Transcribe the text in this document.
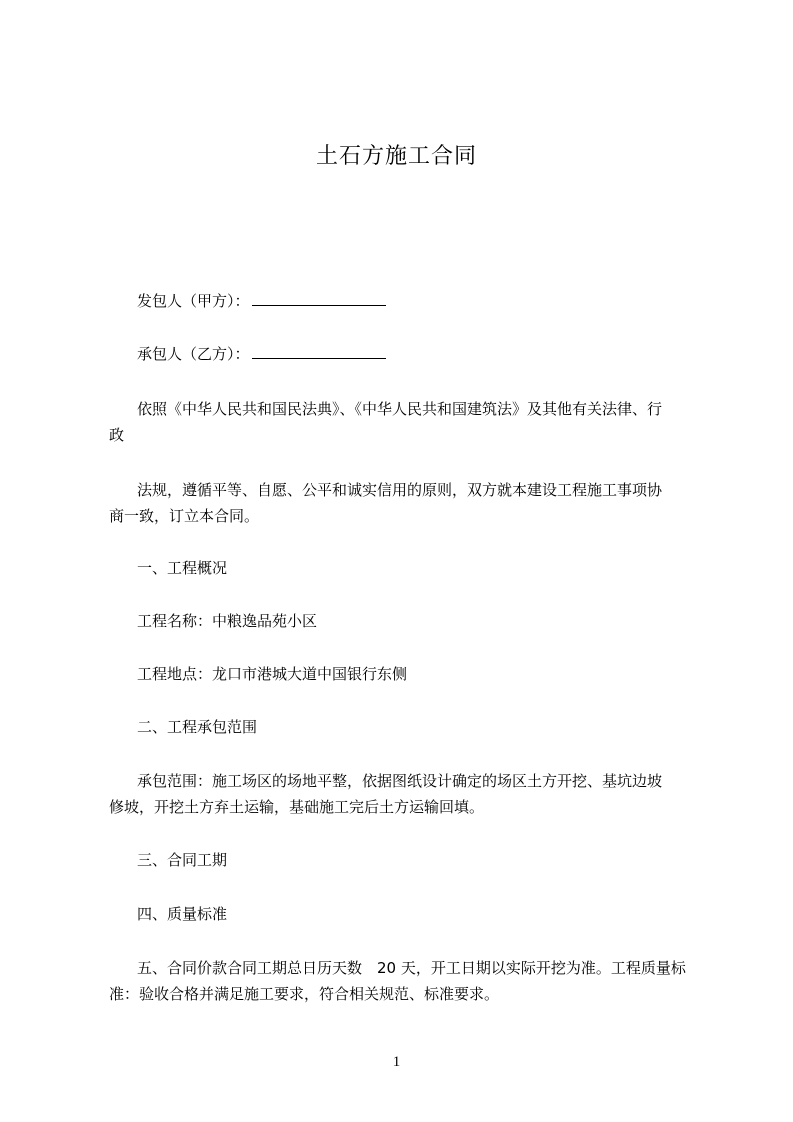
土石方施工合同
发包人（甲方）：
承包人（乙方）：
依照《中华人民共和国民法典》、《中华人民共和国建筑法》及其他有关法律、行
政
法规，遵循平等、自愿、公平和诚实信用的原则，双方就本建设工程施工事项协
商一致，订立本合同。
一、工程概况
工程名称：中粮逸品苑小区
工程地点：龙口市港城大道中国银行东侧
二、工程承包范围
承包范围：施工场区的场地平整，依据图纸设计确定的场区土方开挖、基坑边坡
修坡，开挖土方弃土运输，基础施工完后土方运输回填。
三、合同工期
四、质量标准
五、合同价款合同工期总日历天数　20 天，开工日期以实际开挖为准。工程质量标
准：验收合格并满足施工要求，符合相关规范、标准要求。
1
